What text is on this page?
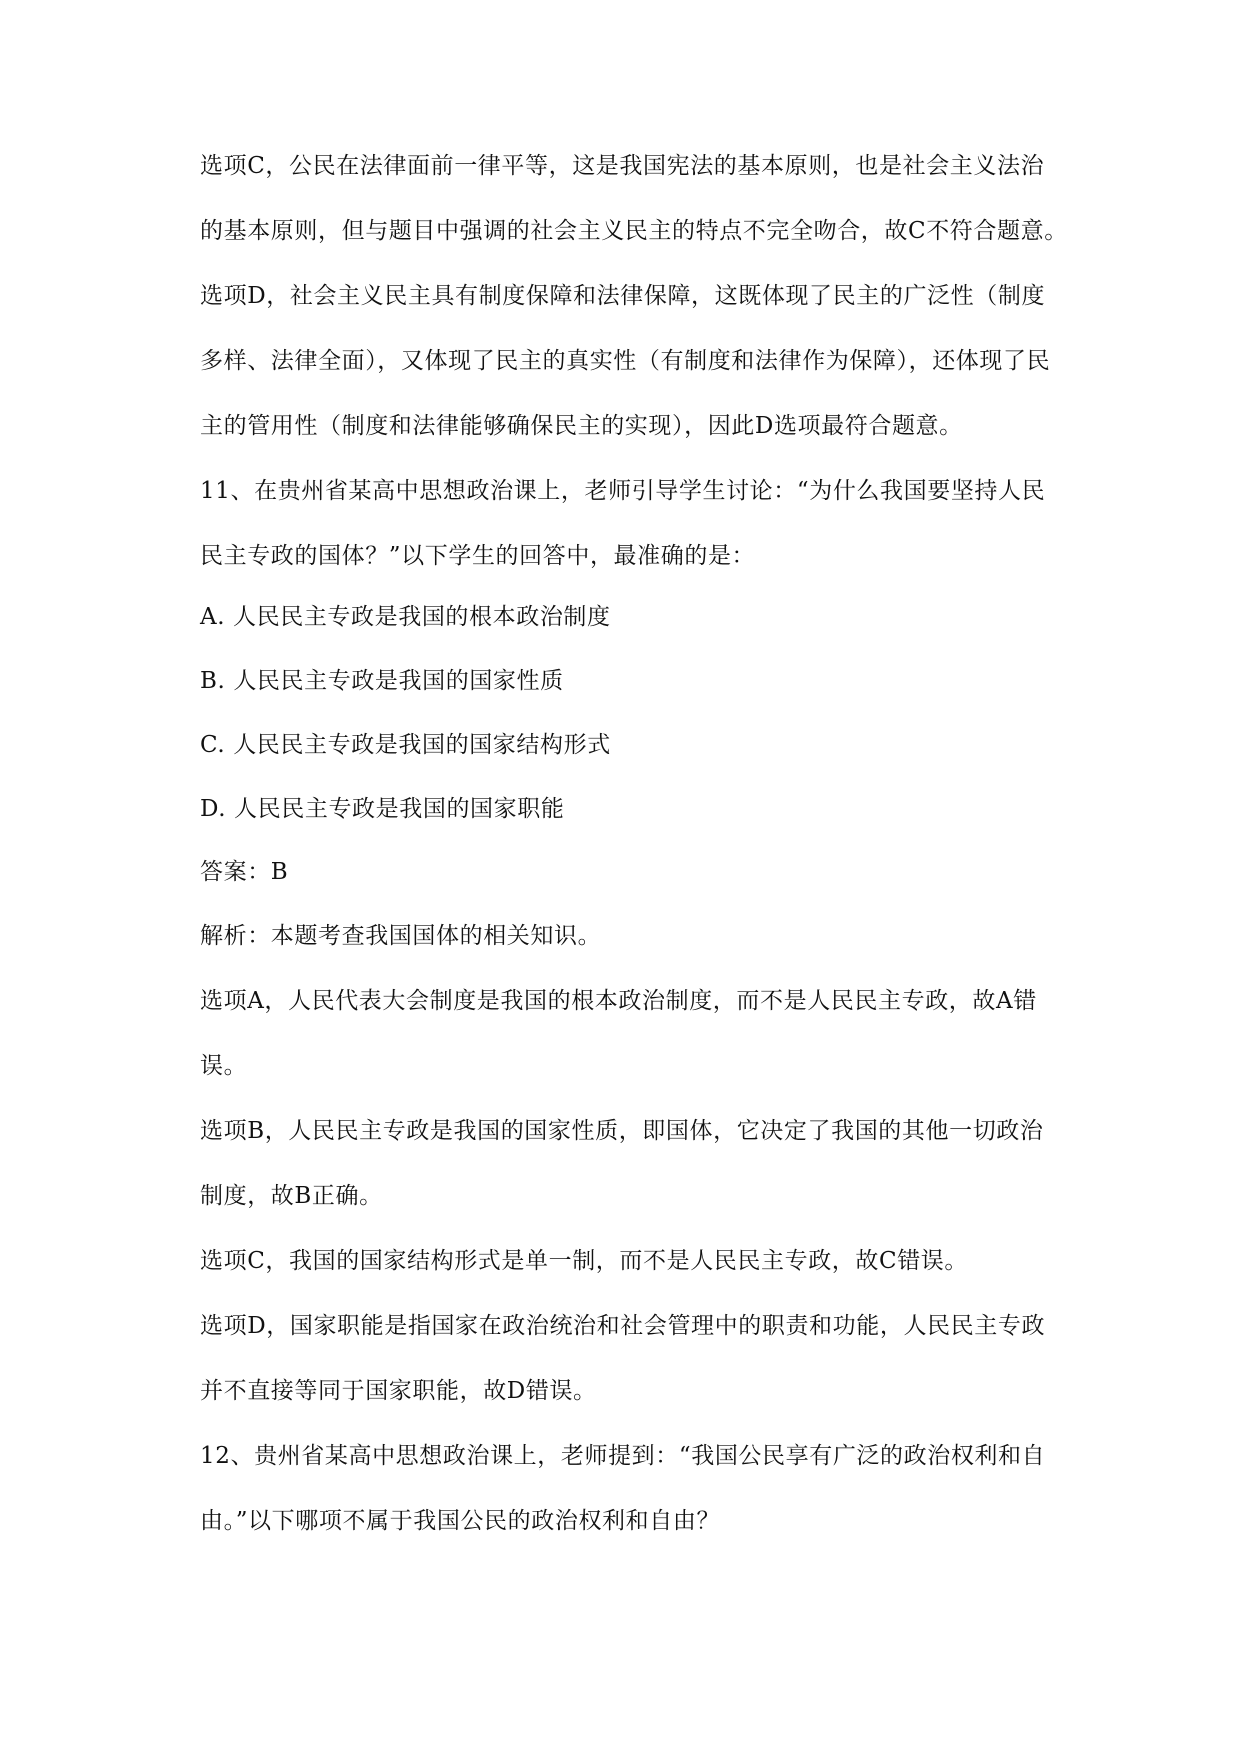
选项C，公民在法律面前一律平等，这是我国宪法的基本原则，也是社会主义法治
的基本原则，但与题目中强调的社会主义民主的特点不完全吻合，故C不符合题意。
选项D，社会主义民主具有制度保障和法律保障，这既体现了民主的广泛性（制度
多样、法律全面），又体现了民主的真实性（有制度和法律作为保障），还体现了民
主的管用性（制度和法律能够确保民主的实现），因此D选项最符合题意。
11、在贵州省某高中思想政治课上，老师引导学生讨论：“为什么我国要坚持人民
民主专政的国体？”以下学生的回答中，最准确的是：
A. 人民民主专政是我国的根本政治制度
B. 人民民主专政是我国的国家性质
C. 人民民主专政是我国的国家结构形式
D. 人民民主专政是我国的国家职能
答案：B
解析：本题考查我国国体的相关知识。
选项A，人民代表大会制度是我国的根本政治制度，而不是人民民主专政，故A错
误。
选项B，人民民主专政是我国的国家性质，即国体，它决定了我国的其他一切政治
制度，故B正确。
选项C，我国的国家结构形式是单一制，而不是人民民主专政，故C错误。
选项D，国家职能是指国家在政治统治和社会管理中的职责和功能，人民民主专政
并不直接等同于国家职能，故D错误。
12、贵州省某高中思想政治课上，老师提到：“我国公民享有广泛的政治权利和自
由。”以下哪项不属于我国公民的政治权利和自由？
